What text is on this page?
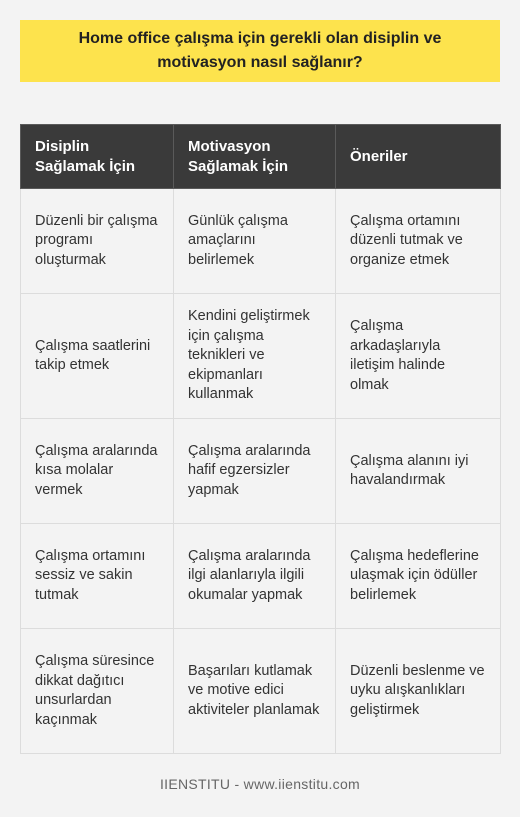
Home office çalışma için gerekli olan disiplin ve motivasyon nasıl sağlanır?
Disiplin Sağlamak İçin	Motivasyon Sağlamak İçin	Öneriler
Düzenli bir çalışma programı oluşturmak	Günlük çalışma amaçlarını belirlemek	Çalışma ortamını düzenli tutmak ve organize etmek
Çalışma saatlerini takip etmek	Kendini geliştirmek için çalışma teknikleri ve ekipmanları kullanmak	Çalışma arkadaşlarıyla iletişim halinde olmak
Çalışma aralarında kısa molalar vermek	Çalışma aralarında hafif egzersizler yapmak	Çalışma alanını iyi havalandırmak
Çalışma ortamını sessiz ve sakin tutmak	Çalışma aralarında ilgi alanlarıyla ilgili okumalar yapmak	Çalışma hedeflerine ulaşmak için ödüller belirlemek
Çalışma süresince dikkat dağıtıcı unsurlardan kaçınmak	Başarıları kutlamak ve motive edici aktiviteler planlamak	Düzenli beslenme ve uyku alışkanlıkları geliştirmek
IIENSTITU - www.iienstitu.com
